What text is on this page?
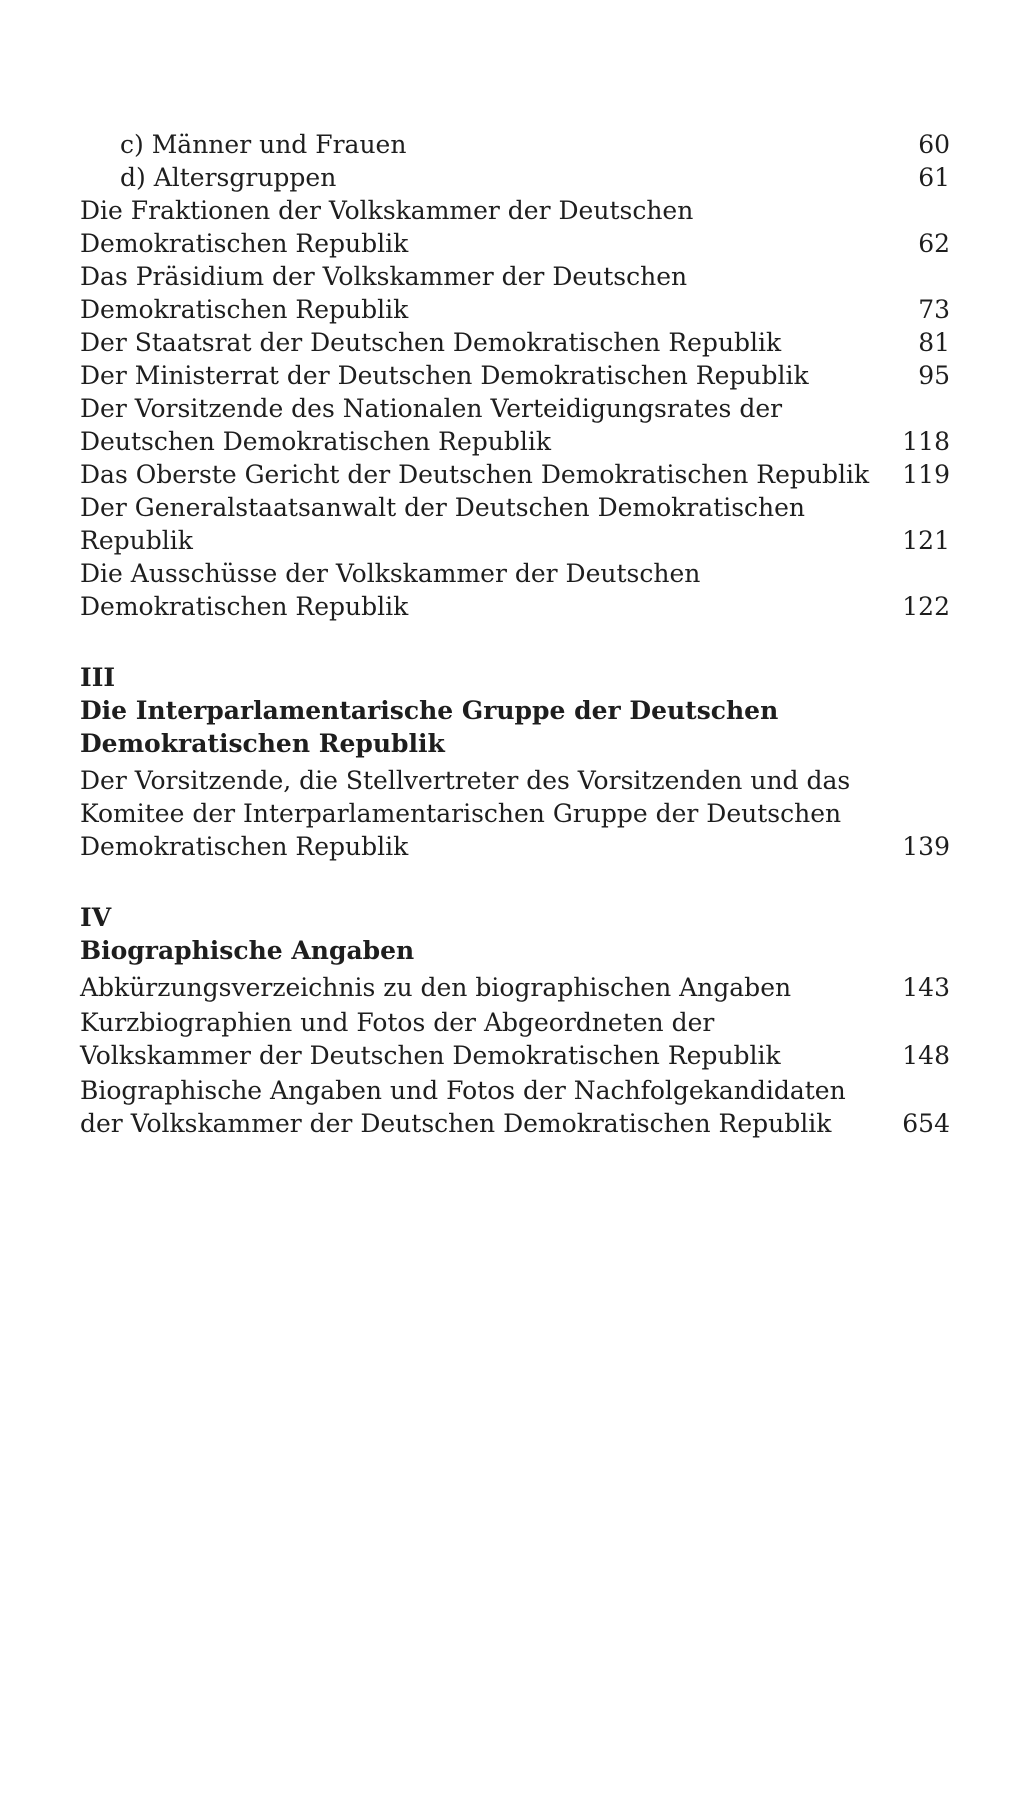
c) Männer und Frauen	60
d) Altersgruppen	61
Die Fraktionen der Volkskammer der Deutschen Demokratischen Republik	62
Das Präsidium der Volkskammer der Deutschen Demokratischen Republik	73
Der Staatsrat der Deutschen Demokratischen Republik	81
Der Ministerrat der Deutschen Demokratischen Republik	95
Der Vorsitzende des Nationalen Verteidigungsrates der Deutschen Demokratischen Republik	118
Das Oberste Gericht der Deutschen Demokratischen Republik	119
Der Generalstaatsanwalt der Deutschen Demokratischen Republik	121
Die Ausschüsse der Volkskammer der Deutschen Demokratischen Republik	122
III
Die Interparlamentarische Gruppe der Deutschen Demokratischen Republik
Der Vorsitzende, die Stellvertreter des Vorsitzenden und das Komitee der Interparlamentarischen Gruppe der Deutschen Demokratischen Republik	139
IV
Biographische Angaben
Abkürzungsverzeichnis zu den biographischen Angaben	143
Kurzbiographien und Fotos der Abgeordneten der Volkskammer der Deutschen Demokratischen Republik	148
Biographische Angaben und Fotos der Nachfolgekandidaten der Volkskammer der Deutschen Demokratischen Republik	654
